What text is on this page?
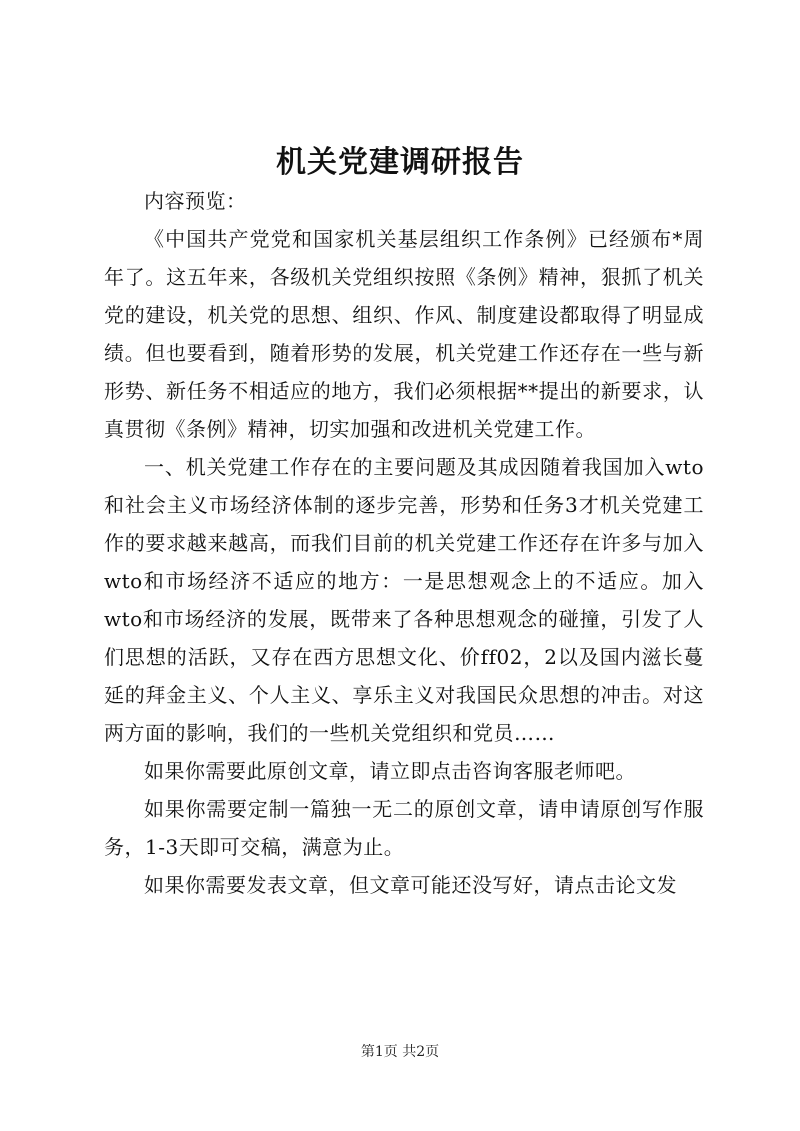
机关党建调研报告

内容预览：

《中国共产党党和国家机关基层组织工作条例》已经颁布*周年了。这五年来，各级机关党组织按照《条例》精神，狠抓了机关党的建设，机关党的思想、组织、作风、制度建设都取得了明显成绩。但也要看到，随着形势的发展，机关党建工作还存在一些与新形势、新任务不相适应的地方，我们必须根据**提出的新要求，认真贯彻《条例》精神，切实加强和改进机关党建工作。

一、机关党建工作存在的主要问题及其成因随着我国加入wto和社会主义市场经济体制的逐步完善，形势和任务3才机关党建工作的要求越来越高，而我们目前的机关党建工作还存在许多与加入wto和市场经济不适应的地方：一是思想观念上的不适应。加入wto和市场经济的发展，既带来了各种思想观念的碰撞，引发了人们思想的活跃，又存在西方思想文化、价ff02，2以及国内滋长蔓延的拜金主义、个人主义、享乐主义对我国民众思想的冲击。对这两方面的影响，我们的一些机关党组织和党员……

如果你需要此原创文章，请立即点击咨询客服老师吧。

如果你需要定制一篇独一无二的原创文章，请申请原创写作服务，1-3天即可交稿，满意为止。

如果你需要发表文章，但文章可能还没写好，请点击论文发

第1页 共2页
